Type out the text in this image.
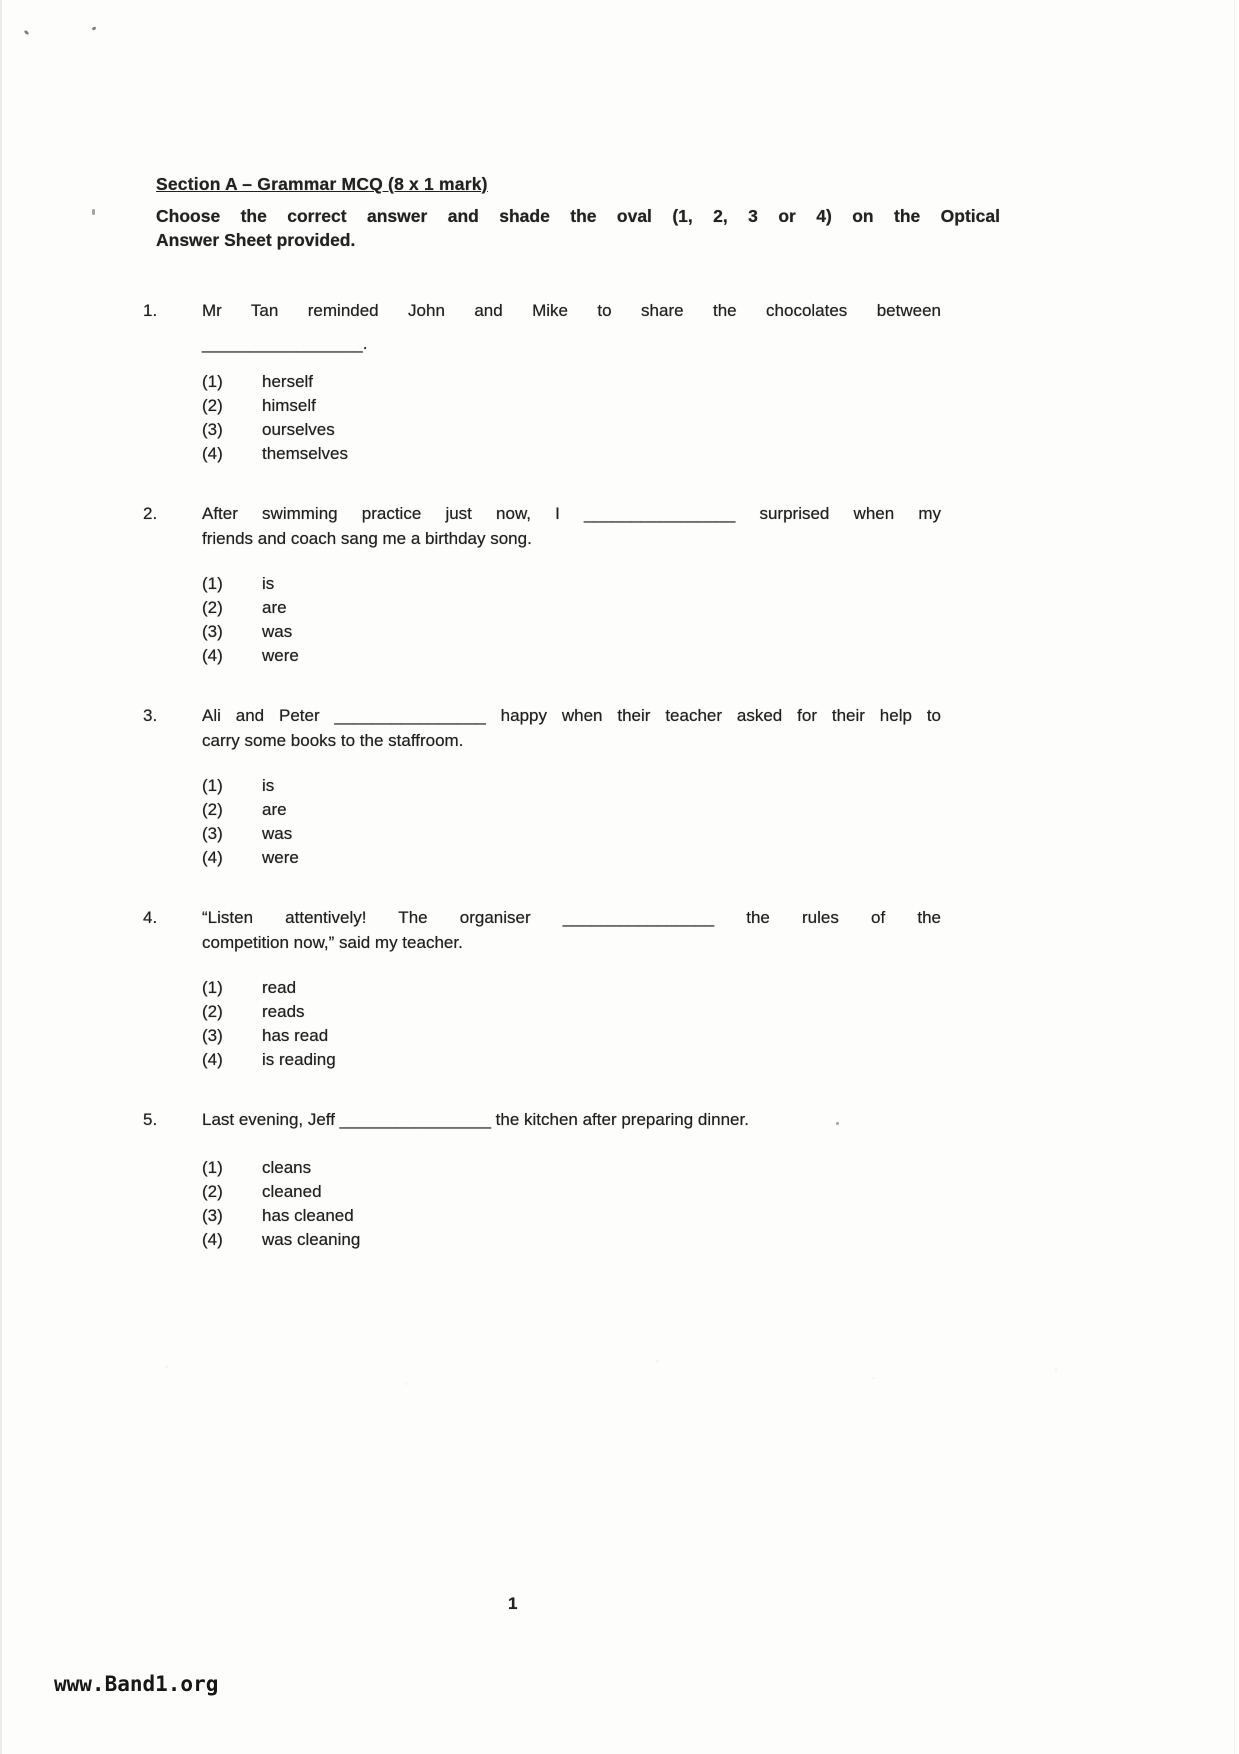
Section A – Grammar MCQ (8 x 1 mark)
Choose the correct answer and shade the oval (1, 2, 3 or 4) on the Optical
Answer Sheet provided.
1.	Mr Tan reminded John and Mike to share the chocolates between
_________________.
(1)	herself
(2)	himself
(3)	ourselves
(4)	themselves
2.	After swimming practice just now, I ________________ surprised when my
friends and coach sang me a birthday song.
(1)	is
(2)	are
(3)	was
(4)	were
3.	Ali and Peter ________________ happy when their teacher asked for their help to
carry some books to the staffroom.
(1)	is
(2)	are
(3)	was
(4)	were
4.	“Listen attentively! The organiser ________________ the rules of the
competition now,” said my teacher.
(1)	read
(2)	reads
(3)	has read
(4)	is reading
5.	Last evening, Jeff ________________ the kitchen after preparing dinner.
(1)	cleans
(2)	cleaned
(3)	has cleaned
(4)	was cleaning
1
www.Band1.org
